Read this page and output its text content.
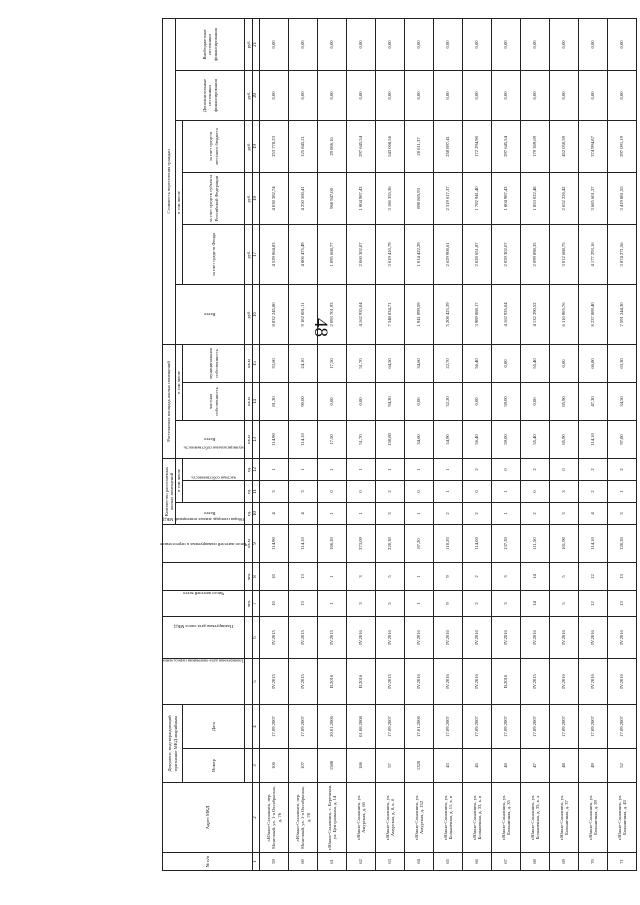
48
№ п/п	Адрес МКД	Документ, подтверждающий признание МКД аварийным		Планируемая дата окончания переселения	Планируемая дата сноса МКД	Число жителей всего	Число жителей планируемых к переселению	Общая площадь жилых помещений МКД	Количество расселяемых жилых помещений			Расселяемая площадь жилых помещений			Стоимость переселения граждан					
									Всего	в том числе		Всего	в том числе		Всего	в том числе			Дополнительные источники финансирования	Внебюджетные источники финансирования
		Номер	Дата							частная собственность	муниципальная собственность		частная собственность	муниципальная собственность		за счет средств Фонда	за счет средств субъекта Российской Федерации	за счет средств местного бюджета		
						чел.	чел.	кв.м	ед.	ед.	ед.	кв.м	кв.м	кв.м	руб.	руб.	руб.	руб.	руб.	руб.
1	2	3	4	5	6	7	8	9	10	11	12	13	14	15	16	17	18	19	20	21
59	г.Южно-Сахалинск, пер. Монетный, ул. 1-я Октябрьская, д. 76	106	17.09.2007	IV.2015	IV.2015	10	10	114,90	4	3	1	114,90	81,30	33,60	8 832 245,80	4 539 864,83	4 038 382,74	253 778,23	0,00	0,00
60	г.Южно-Сахалинск, пер. Монетный, ул. 1-я Октябрьская, д. 78	107	17.09.2007	IV.2015	IV.2015	13	13	114,10	4	3	1	114,10	90,00	24,10	9 182 881,11	4 806 475,49	4 250 560,41	125 845,21	0,00	0,00
61	г.Южно-Сахалинск, с. Березняки, ул. Центральная, д. 14	1588	20.01.2006	II.2016	IV.2015	1	1	106,20	1	0	1	17,50	0,00	17,50	2 093 701,93	1 095 668,77	968 947,00	29 086,16	0,00	0,00
62	г.Южно-Сахалинск, ул. Амурская, д. 66	186	01.08.2008	II.2016	IV.2016	3	3	373,09	1	0	1	51,70	0,00	51,70	4 162 935,04	2 060 302,07	1 804 987,43	297 645,54	0,00	0,00
63	г.Южно-Сахалинск, ул. Амурская, д. 8, к. б	57	17.09.2007	IV.2015	IV.2016	5	5	220,30	3	2	1	158,80	94,30	64,50	7 348 834,71	3 619 410,79	3 186 355,36	543 068,56	0,00	0,00
64	г.Южно-Сахалинск, ул. Амурская, д. 132	1328	17.01.2006	IV.2016	IV.2016	1	1	87,20	1	0	1	34,60	0,00	34,60	1 941 899,59	1 014 422,29	898 865,93	28 611,37	0,00	0,00
65	г.Южно-Сахалинск, ул. Больничная, д. 11, к. в	43	17.09.2007	IV.2016	IV.2016	9	9	110,20	2	1	1	54,90	32,20	22,70	5 208 425,39	2 629 908,61	2 319 617,37	258 897,41	0,00	0,00
66	г.Южно-Сахалинск, ул. Больничная, д. 33, к. в	45	17.09.2007	IV.2016	IV.2016	2	2	114,00	2	0	2	56,40	0,00	56,40	3 989 888,17	2 028 651,87	1 782 941,40	172 294,90	0,00	0,00
67	г.Южно-Сахалинск, ул. Больничная, д. 35	46	17.09.2007	II.2016	IV.2016	3	3	137,20	1	1	0	59,00	59,00	0,00	4 162 935,04	2 059 302,07	1 804 987,43	297 645,54	0,00	0,00
68	г.Южно-Сахалинск, ул. Больничная, д. 35, к. а	47	17.09.2007	IV.2015	IV.2016	14	14	111,50	2	0	2	55,40	0,00	55,40	4 132 290,52	2 099 898,35	1 853 022,48	179 369,69	0,00	0,00
69	г.Южно-Сахалинск, ул. Больничная, д. 37	48	17.09.2007	IV.2016	IV.2016	5	5	101,90	3	3	0	85,90	85,90	0,00	6 116 965,76	3 012 688,75	2 652 226,42	452 050,59	0,00	0,00
70	г.Южно-Сахалинск, ул. Больничная, д. 39	49	17.09.2007	IV.2016	IV.2016	12	12	114,10	4	2	2	114,10	47,30	66,80	8 237 889,40	4 177 293,16	3 685 601,37	374 994,87	0,00	0,00
71	г.Южно-Сахалинск, ул. Больничная, д. 43	52	17.09.2007	IV.2016	IV.2016	13	13	120,20	3	1	2	97,80	34,50	63,30	7 591 244,30	3 874 271,56	3 419 881,55	297 091,19	0,00	0,00
